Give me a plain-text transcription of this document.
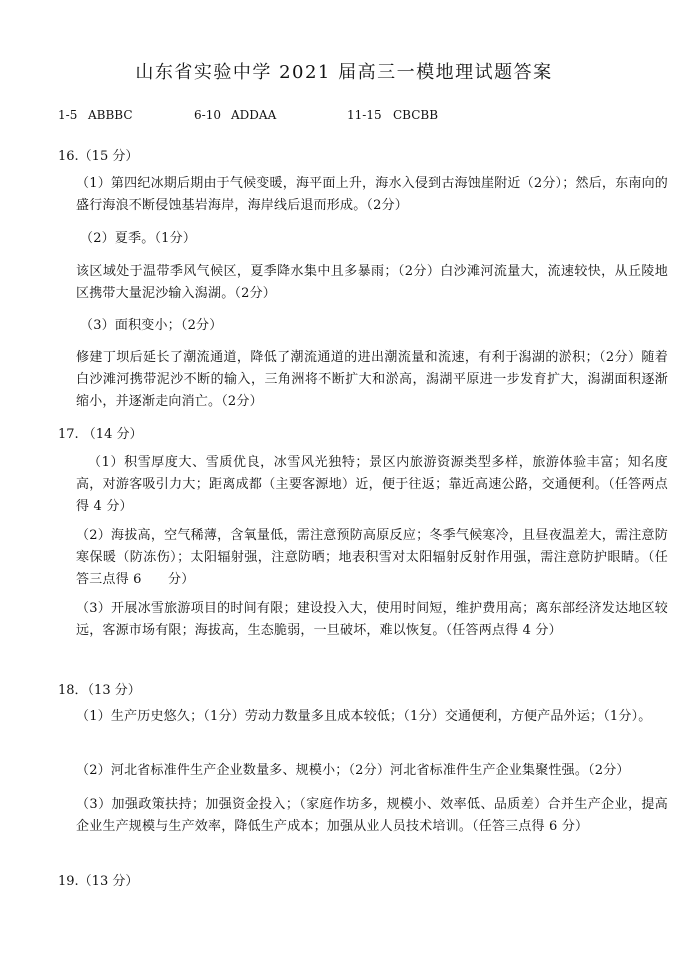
山东省实验中学 2021 届高三一模地理试题答案
1-5 ABBBC	6-10 ADDAA	11-15 CBCBB
16.（15 分）
（1）第四纪冰期后期由于气候变暖，海平面上升，海水入侵到古海蚀崖附近（2分）；然后，东南向的盛行海浪不断侵蚀基岩海岸，海岸线后退而形成。（2分）
（2）夏季。（1分）
该区域处于温带季风气候区，夏季降水集中且多暴雨；（2分）白沙滩河流量大，流速较快，从丘陵地区携带大量泥沙输入潟湖。（2分）
（3）面积变小；（2分）
修建丁坝后延长了潮流通道，降低了潮流通道的进出潮流量和流速，有利于潟湖的淤积；（2分）随着白沙滩河携带泥沙不断的输入，三角洲将不断扩大和淤高，潟湖平原进一步发育扩大，潟湖面积逐渐缩小，并逐渐走向消亡。（2分）
17. （14 分）
（1）积雪厚度大、雪质优良，冰雪风光独特；景区内旅游资源类型多样，旅游体验丰富；知名度高，对游客吸引力大；距离成都（主要客源地）近，便于往返；靠近高速公路，交通便利。（任答两点得 4 分）
（2）海拔高，空气稀薄，含氧量低，需注意预防高原反应；冬季气候寒冷，且昼夜温差大，需注意防寒保暖（防冻伤）；太阳辐射强，注意防晒；地表积雪对太阳辐射反射作用强，需注意防护眼睛。（任答三点得 6　　分）
（3）开展冰雪旅游项目的时间有限；建设投入大，使用时间短，维护费用高；离东部经济发达地区较远，客源市场有限；海拔高，生态脆弱，一旦破坏，难以恢复。（任答两点得 4 分）
18．（13 分）
（1）生产历史悠久；（1分）劳动力数量多且成本较低；（1分）交通便利，方便产品外运；（1分）。
（2）河北省标准件生产企业数量多、规模小；（2分）河北省标准件生产企业集聚性强。（2分）
（3）加强政策扶持；加强资金投入；（家庭作坊多，规模小、效率低、品质差）合并生产企业，提高企业生产规模与生产效率，降低生产成本；加强从业人员技术培训。（任答三点得 6 分）
19.（13 分）
